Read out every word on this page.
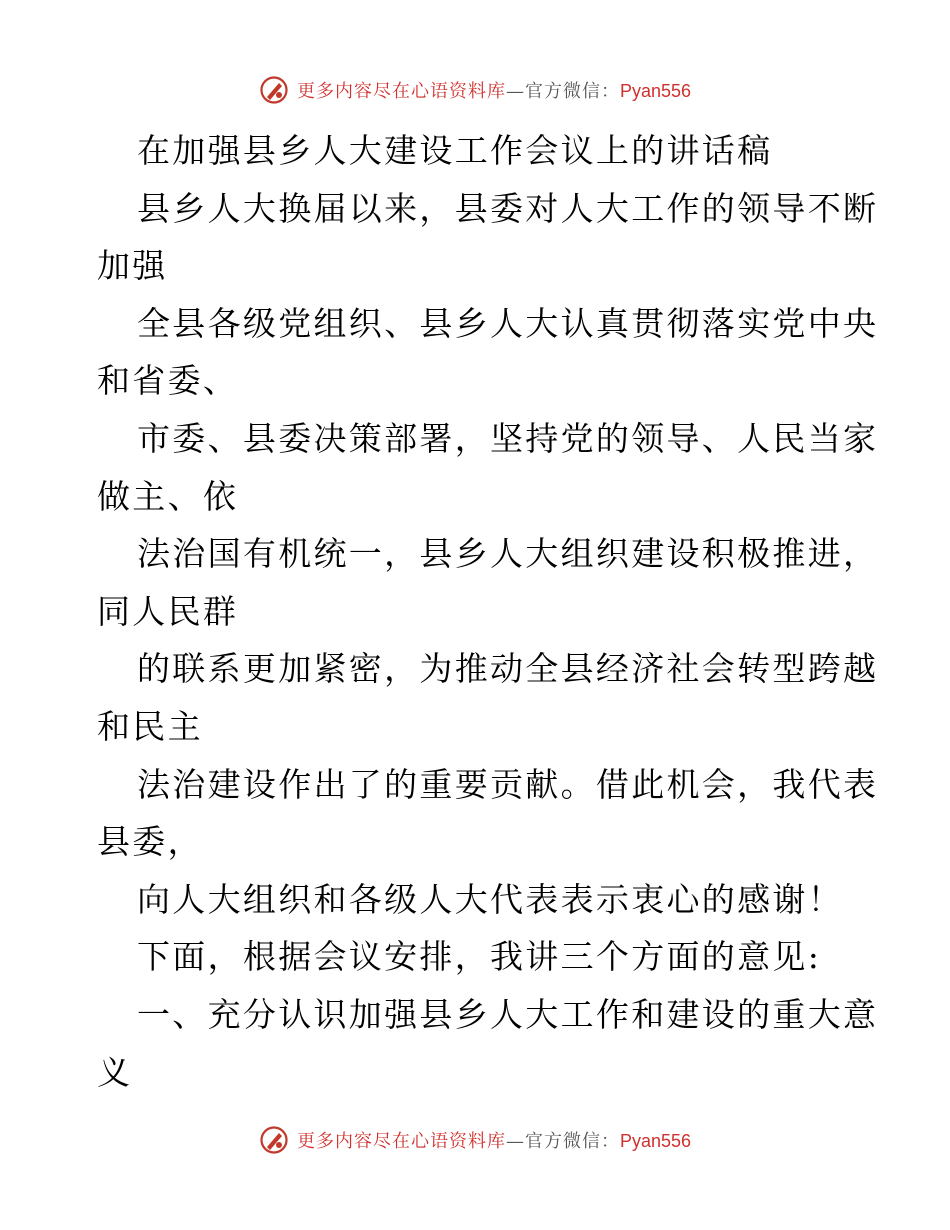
更多内容尽在心语资料库—官方微信：Pyan556
在加强县乡人大建设工作会议上的讲话稿
县乡人大换届以来，县委对人大工作的领导不断
加强
全县各级党组织、县乡人大认真贯彻落实党中央
和省委、
市委、县委决策部署，坚持党的领导、人民当家
做主、依
法治国有机统一，县乡人大组织建设积极推进，
同人民群
的联系更加紧密，为推动全县经济社会转型跨越
和民主
法治建设作出了的重要贡献。借此机会，我代表
县委，
向人大组织和各级人大代表表示衷心的感谢！
下面，根据会议安排，我讲三个方面的意见:
一、充分认识加强县乡人大工作和建设的重大意
义
更多内容尽在心语资料库—官方微信：Pyan556
